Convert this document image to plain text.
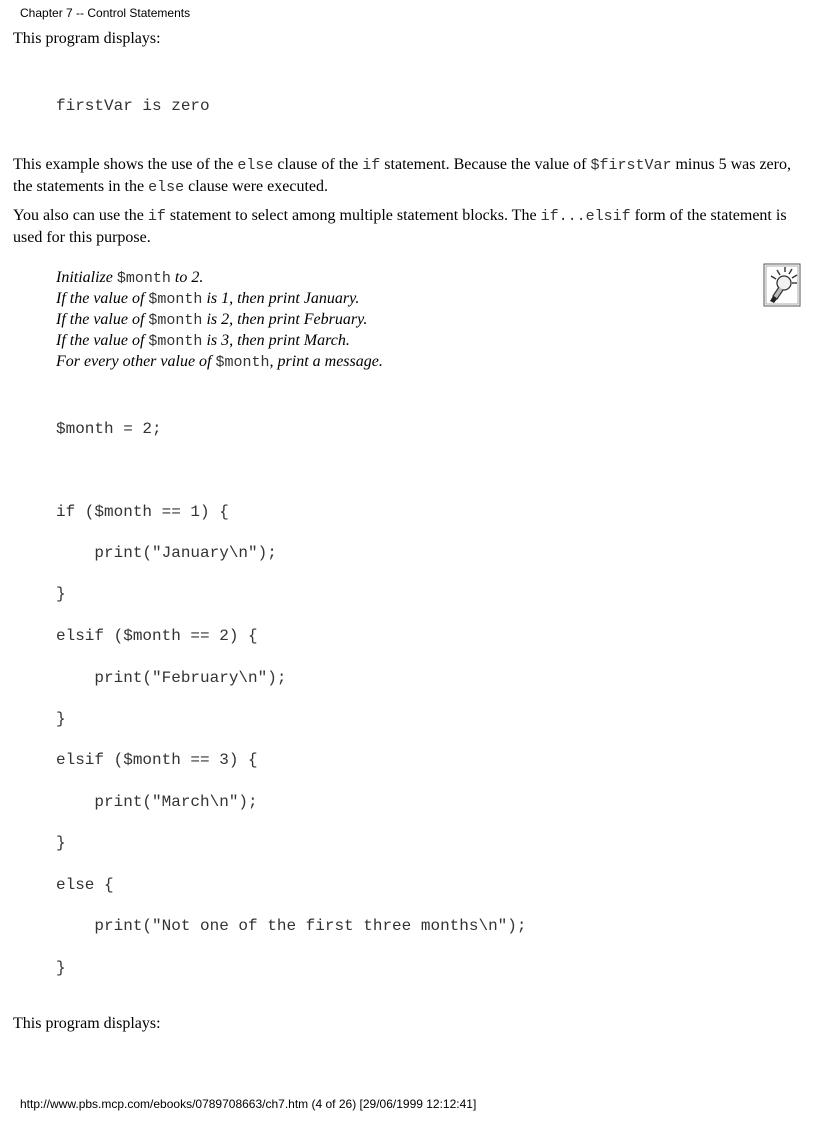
Chapter 7 -- Control Statements
This program displays:
firstVar is zero
This example shows the use of the else clause of the if statement. Because the value of $firstVar minus 5 was zero, the statements in the else clause were executed.
You also can use the if statement to select among multiple statement blocks. The if...elsif form of the statement is used for this purpose.
Initialize $month to 2.
If the value of $month is 1, then print January.
If the value of $month is 2, then print February.
If the value of $month is 3, then print March.
For every other value of $month, print a message.
$month = 2;
if ($month == 1) {
print("January\n");
}
elsif ($month == 2) {
print("February\n");
}
elsif ($month == 3) {
print("March\n");
}
else {
print("Not one of the first three months\n");
}
This program displays:
http://www.pbs.mcp.com/ebooks/0789708663/ch7.htm (4 of 26) [29/06/1999 12:12:41]
